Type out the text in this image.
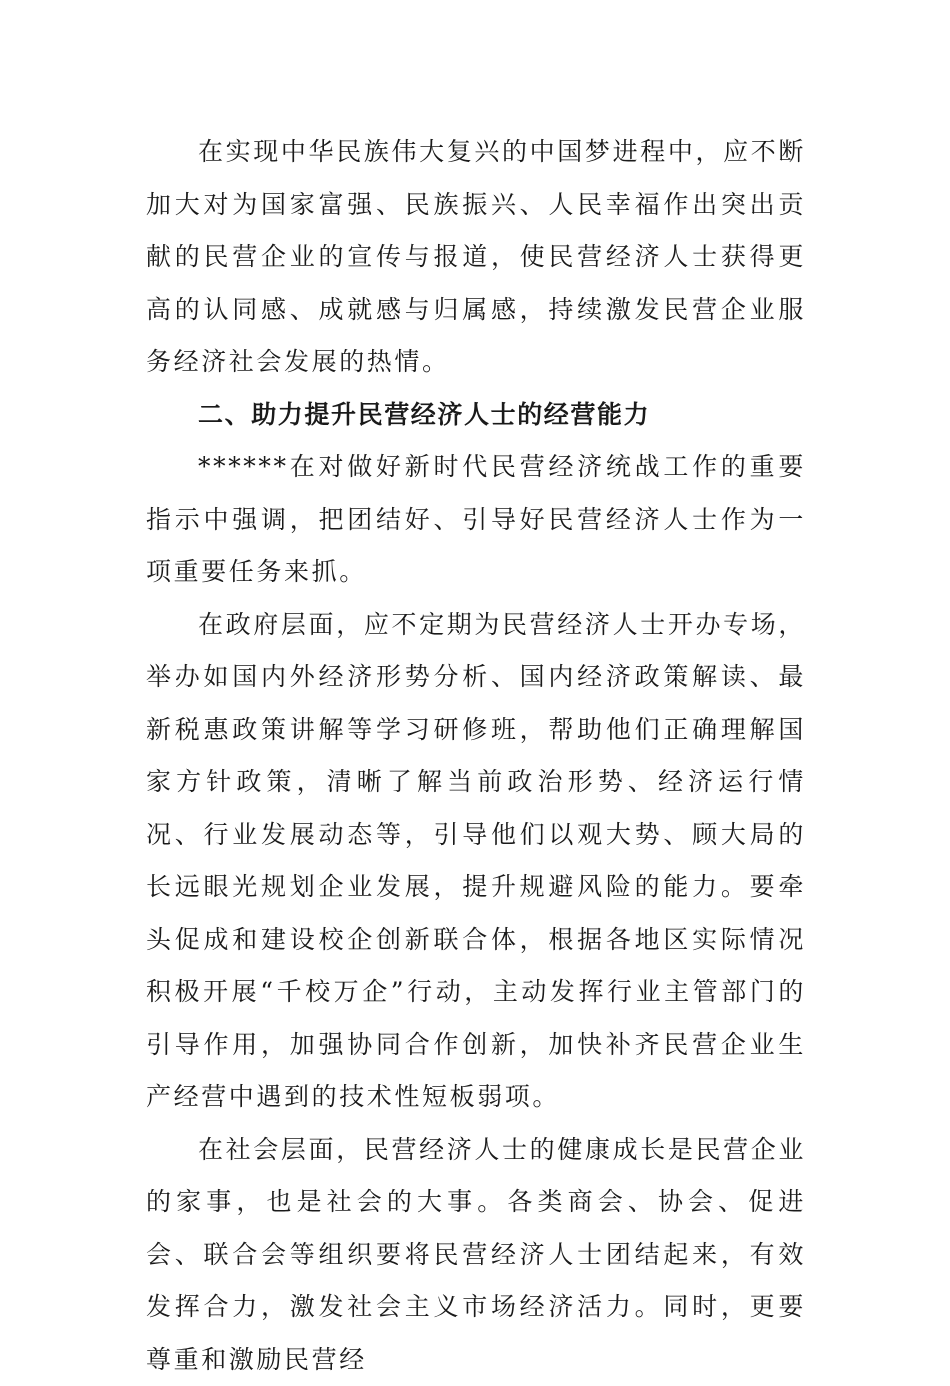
在实现中华民族伟大复兴的中国梦进程中，应不断加大对为国家富强、民族振兴、人民幸福作出突出贡献的民营企业的宣传与报道，使民营经济人士获得更高的认同感、成就感与归属感，持续激发民营企业服务经济社会发展的热情。

二、助力提升民营经济人士的经营能力

******在对做好新时代民营经济统战工作的重要指示中强调，把团结好、引导好民营经济人士作为一项重要任务来抓。

在政府层面，应不定期为民营经济人士开办专场，举办如国内外经济形势分析、国内经济政策解读、最新税惠政策讲解等学习研修班，帮助他们正确理解国家方针政策，清晰了解当前政治形势、经济运行情况、行业发展动态等，引导他们以观大势、顾大局的长远眼光规划企业发展，提升规避风险的能力。要牵头促成和建设校企创新联合体，根据各地区实际情况积极开展“千校万企”行动，主动发挥行业主管部门的引导作用，加强协同合作创新，加快补齐民营企业生产经营中遇到的技术性短板弱项。

在社会层面，民营经济人士的健康成长是民营企业的家事，也是社会的大事。各类商会、协会、促进会、联合会等组织要将民营经济人士团结起来，有效发挥合力，激发社会主义市场经济活力。同时，更要尊重和激励民营经
